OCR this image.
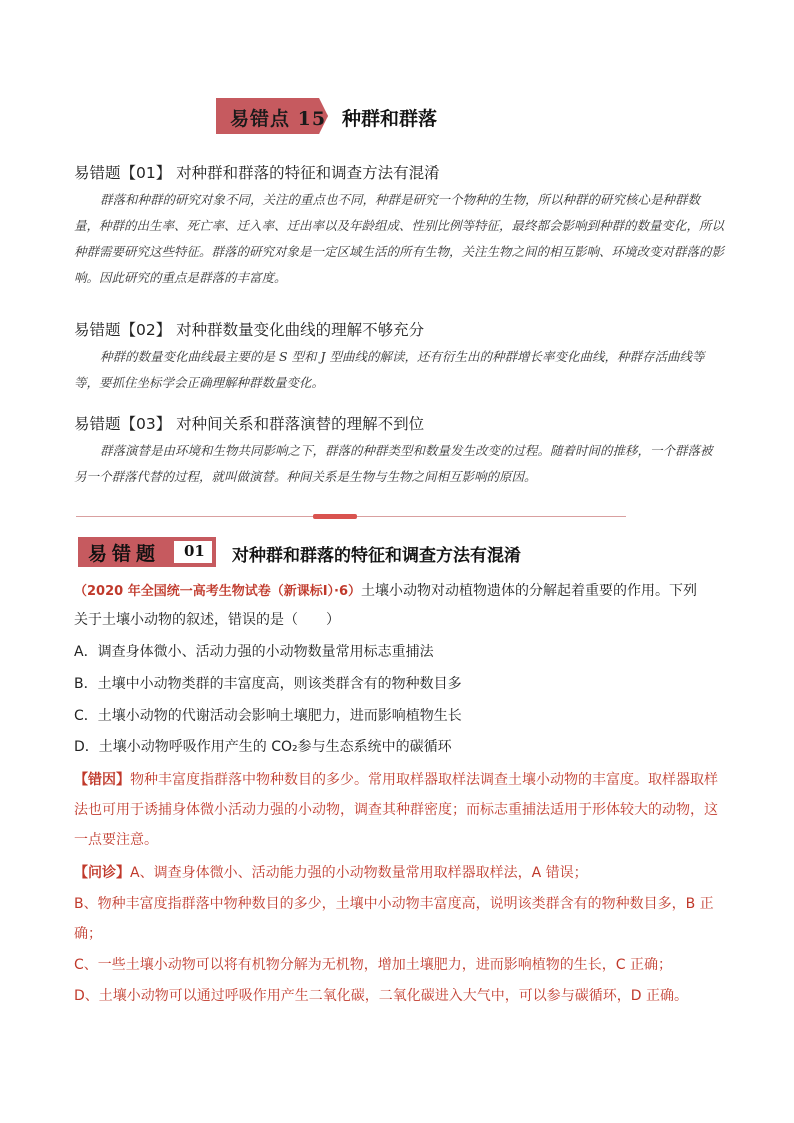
易错点 15 种群和群落
易错题【01】 对种群和群落的特征和调查方法有混淆
群落和种群的研究对象不同，关注的重点也不同，种群是研究一个物种的生物，所以种群的研究核心是种群数量，种群的出生率、死亡率、迁入率、迁出率以及年龄组成、性别比例等特征，最终都会影响到种群的数量变化，所以种群需要研究这些特征。群落的研究对象是一定区域生活的所有生物，关注生物之间的相互影响、环境改变对群落的影响。因此研究的重点是群落的丰富度。
易错题【02】 对种群数量变化曲线的理解不够充分
种群的数量变化曲线最主要的是 S 型和 J 型曲线的解读，还有衍生出的种群增长率变化曲线，种群存活曲线等等，要抓住坐标学会正确理解种群数量变化。
易错题【03】 对种间关系和群落演替的理解不到位
群落演替是由环境和生物共同影响之下，群落的种群类型和数量发生改变的过程。随着时间的推移，一个群落被另一个群落代替的过程，就叫做演替。种间关系是生物与生物之间相互影响的原因。
易错题 01 对种群和群落的特征和调查方法有混淆
（2020 年全国统一高考生物试卷（新课标Ⅰ）·6）土壤小动物对动植物遗体的分解起着重要的作用。下列
关于土壤小动物的叙述，错误的是（　　）
A．调查身体微小、活动力强的小动物数量常用标志重捕法
B．土壤中小动物类群的丰富度高，则该类群含有的物种数目多
C．土壤小动物的代谢活动会影响土壤肥力，进而影响植物生长
D．土壤小动物呼吸作用产生的 CO₂参与生态系统中的碳循环
【错因】物种丰富度指群落中物种数目的多少。常用取样器取样法调查土壤小动物的丰富度。取样器取样法也可用于诱捕身体微小活动力强的小动物，调查其种群密度；而标志重捕法适用于形体较大的动物，这一点要注意。
【问诊】A、调查身体微小、活动能力强的小动物数量常用取样器取样法，A 错误；
B、物种丰富度指群落中物种数目的多少，土壤中小动物丰富度高，说明该类群含有的物种数目多，B 正确；
C、一些土壤小动物可以将有机物分解为无机物，增加土壤肥力，进而影响植物的生长，C 正确；
D、土壤小动物可以通过呼吸作用产生二氧化碳，二氧化碳进入大气中，可以参与碳循环，D 正确。
